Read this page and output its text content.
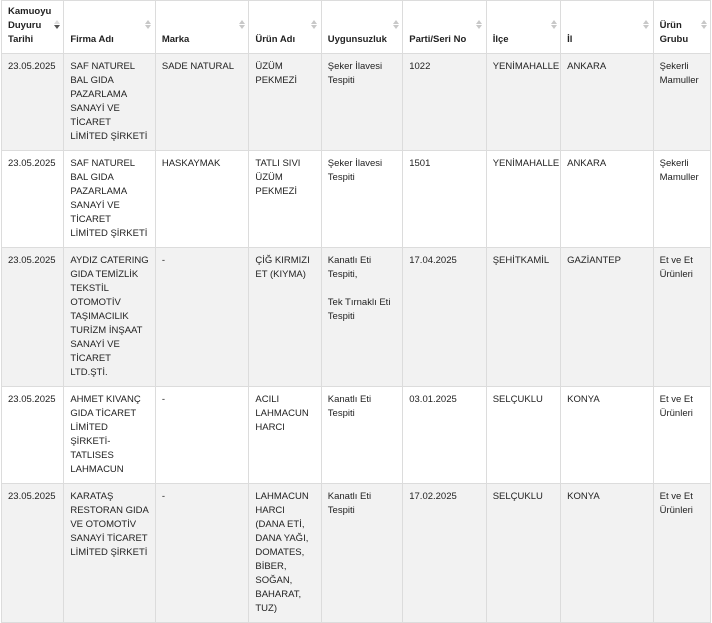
Kamuoyu Duyuru Tarihi	Firma Adı	Marka	Ürün Adı	Uygunsuzluk	Parti/Seri No	İlçe	İl	Ürün Grubu

23.05.2025	SAF NATUREL BAL GIDA PAZARLAMA SANAYİ VE TİCARET LİMİTED ŞİRKETİ	SADE NATURAL	ÜZÜM PEKMEZİ	Şeker İlavesi Tespiti	1022	YENİMAHALLE	ANKARA	Şekerli Mamuller
23.05.2025	SAF NATUREL BAL GIDA PAZARLAMA SANAYİ VE TİCARET LİMİTED ŞİRKETİ	HASKAYMAK	TATLI SIVI ÜZÜM PEKMEZİ	Şeker İlavesi Tespiti	1501	YENİMAHALLE	ANKARA	Şekerli Mamuller
23.05.2025	AYDIZ CATERING GIDA TEMİZLİK TEKSTİL OTOMOTİV TAŞIMACILIK TURİZM İNŞAAT SANAYİ VE TİCARET LTD.ŞTİ.	-	ÇİĞ KIRMIZI ET (KIYMA)	Kanatlı Eti Tespiti,
Tek Tırnaklı Eti Tespiti	17.04.2025	ŞEHİTKAMİL	GAZİANTEP	Et ve Et Ürünleri
23.05.2025	AHMET KIVANÇ GIDA TİCARET LİMİTED ŞİRKETİ-TATLISES LAHMACUN	-	ACILI LAHMACUN HARCI	Kanatlı Eti Tespiti	03.01.2025	SELÇUKLU	KONYA	Et ve Et Ürünleri
23.05.2025	KARATAŞ RESTORAN GIDA VE OTOMOTİV SANAYİ TİCARET LİMİTED ŞİRKETİ	-	LAHMACUN HARCI (DANA ETİ, DANA YAĞI, DOMATES, BİBER, SOĞAN, BAHARAT, TUZ)	Kanatlı Eti Tespiti	17.02.2025	SELÇUKLU	KONYA	Et ve Et Ürünleri
